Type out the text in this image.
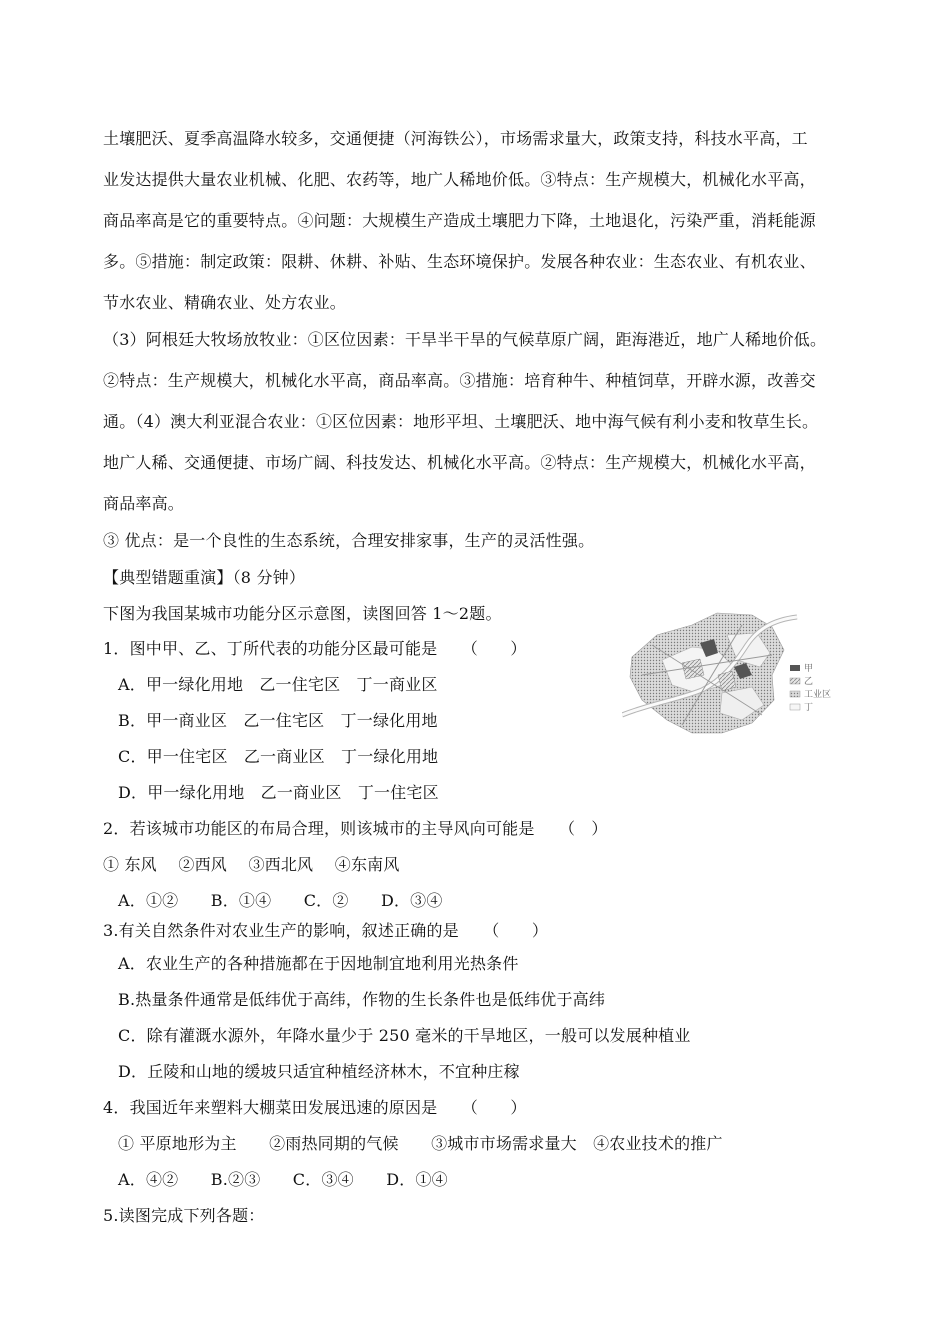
土壤肥沃、夏季高温降水较多，交通便捷（河海铁公），市场需求量大，政策支持，科技水平高，工
业发达提供大量农业机械、化肥、农药等，地广人稀地价低。③特点：生产规模大，机械化水平高，
商品率高是它的重要特点。④问题：大规模生产造成土壤肥力下降，土地退化，污染严重，消耗能源
多。⑤措施：制定政策：限耕、休耕、补贴、生态环境保护。发展各种农业：生态农业、有机农业、
节水农业、精确农业、处方农业。
（3）阿根廷大牧场放牧业：①区位因素：干旱半干旱的气候草原广阔，距海港近，地广人稀地价低。
②特点：生产规模大，机械化水平高，商品率高。③措施：培育种牛、种植饲草，开辟水源，改善交
通。（4）澳大利亚混合农业：①区位因素：地形平坦、土壤肥沃、地中海气候有利小麦和牧草生长。
地广人稀、交通便捷、市场广阔、科技发达、机械化水平高。②特点：生产规模大，机械化水平高，
商品率高。
③ 优点：是一个良性的生态系统，合理安排家事，生产的灵活性强。
【典型错题重演】（8 分钟）
下图为我国某城市功能分区示意图，读图回答 1～2题。
1．图中甲、乙、丁所代表的功能分区最可能是　　（　　）
A．甲一绿化用地　乙一住宅区　丁一商业区
B．甲一商业区　乙一住宅区　丁一绿化用地
C．甲一住宅区　乙一商业区　丁一绿化用地
D．甲一绿化用地　乙一商业区　丁一住宅区
2．若该城市功能区的布局合理，则该城市的主导风向可能是　　（　）
① 东风　 ②西风　 ③西北风　 ④东南风
A．①②　　B．①④　　C．②　　D．③④
3.有关自然条件对农业生产的影响，叙述正确的是　　（　　）
A．农业生产的各种措施都在于因地制宜地利用光热条件
B.热量条件通常是低纬优于高纬，作物的生长条件也是低纬优于高纬
C．除有灌溉水源外，年降水量少于 250 毫米的干旱地区，一般可以发展种植业
D．丘陵和山地的缓坡只适宜种植经济林木，不宜种庄稼
4．我国近年来塑料大棚菜田发展迅速的原因是　　（　　）
① 平原地形为主　　②雨热同期的气候　　③城市市场需求量大　④农业技术的推广
A．④②　　B.②③　　C．③④　　D．①④
5.读图完成下列各题：
甲
乙
工业区
丁
